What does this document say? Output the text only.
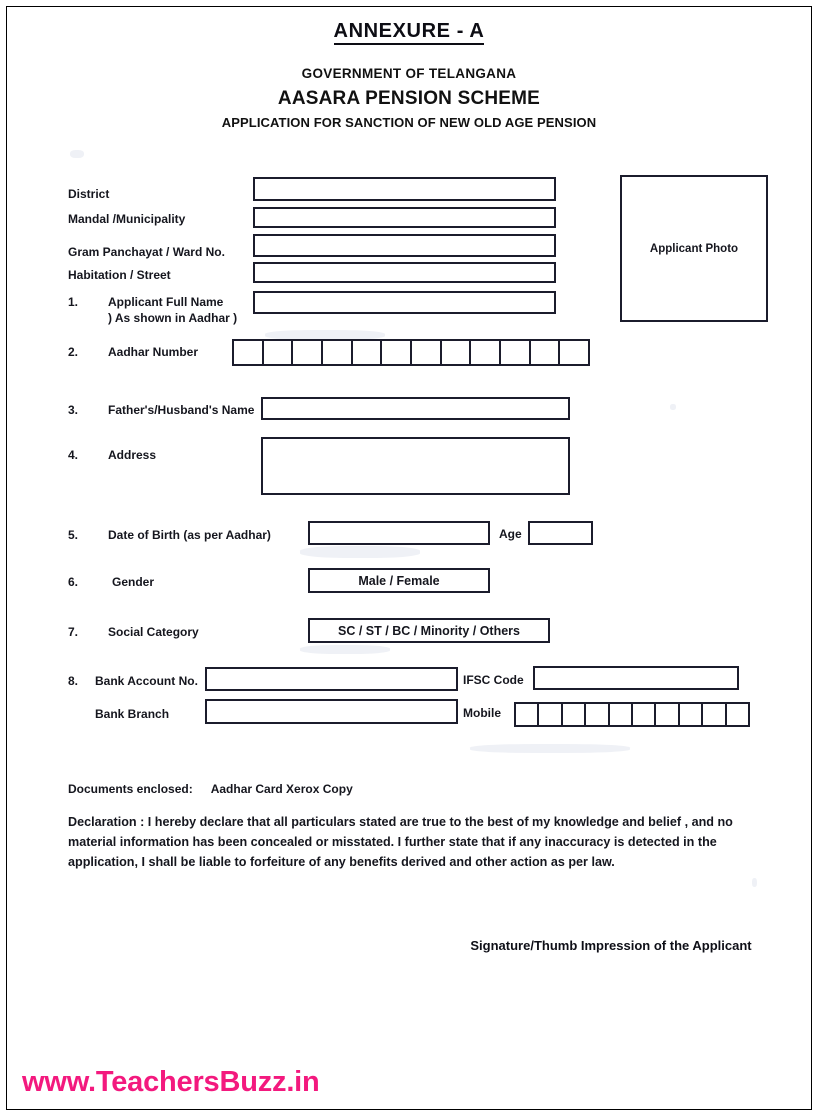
ANNEXURE - A
GOVERNMENT OF TELANGANA
AASARA PENSION SCHEME
APPLICATION FOR SANCTION OF NEW OLD AGE PENSION
Applicant Photo
District
Mandal /Municipality
Gram Panchayat / Ward No.
Habitation / Street
1. Applicant Full Name
) As shown in Aadhar )
2. Aadhar Number
3. Father's/Husband's Name
4. Address
5. Date of Birth (as per Aadhar)	Age
6.	Gender	Male / Female
7. Social Category	SC / ST / BC / Minority / Others
8. Bank Account No.	IFSC Code
Bank Branch	Mobile
Documents enclosed: Aadhar Card Xerox Copy
Declaration : I hereby declare that all particulars stated are true to the best of my knowledge and belief , and no material information has been concealed or misstated. I further state that if any inaccuracy is detected in the application, I shall be liable to forfeiture of any benefits derived and other action as per law.
Signature/Thumb Impression of the Applicant
www.TeachersBuzz.in
